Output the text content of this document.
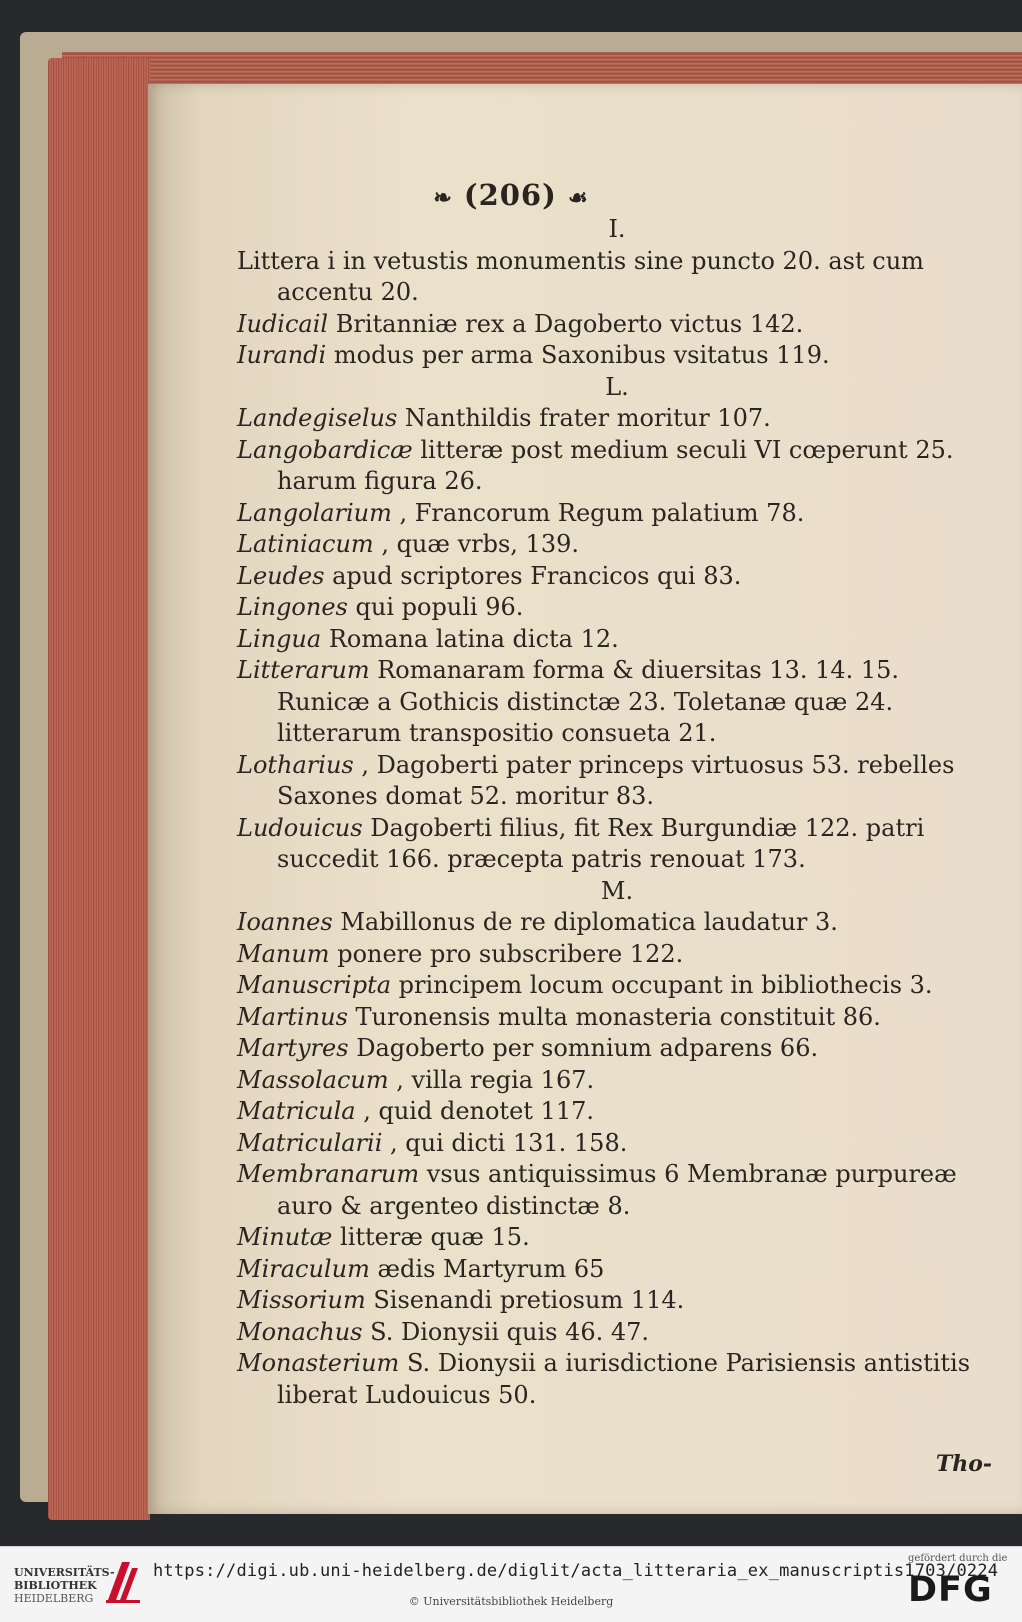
❧ (206) ☙
I.
Littera i in vetustis monumentis sine puncto 20. ast cum accentu 20.
Iudicail Britanniæ rex a Dagoberto victus 142.
Iurandi modus per arma Saxonibus vsitatus 119.
L.
Landegiselus Nanthildis frater moritur 107.
Langobardicæ litteræ post medium seculi VI cœperunt 25. harum figura 26.
Langolarium , Francorum Regum palatium 78.
Latiniacum , quæ vrbs, 139.
Leudes apud scriptores Francicos qui 83.
Lingones qui populi 96.
Lingua Romana latina dicta 12.
Litterarum Romanaram forma & diuersitas 13. 14. 15. Runicæ a Gothicis distinctæ 23. Toletanæ quæ 24. litterarum transpositio consueta 21.
Lotharius , Dagoberti pater princeps virtuosus 53. rebelles Saxones domat 52. moritur 83.
Ludouicus Dagoberti filius, fit Rex Burgundiæ 122. patri succedit 166. præcepta patris renouat 173.
M.
Ioannes Mabillonus de re diplomatica laudatur 3.
Manum ponere pro subscribere 122.
Manuscripta principem locum occupant in bibliothecis 3.
Martinus Turonensis multa monasteria constituit 86.
Martyres Dagoberto per somnium adparens 66.
Massolacum , villa regia 167.
Matricula , quid denotet 117.
Matricularii , qui dicti 131. 158.
Membranarum vsus antiquissimus 6 Membranæ purpureæ auro & argenteo distinctæ 8.
Minutæ litteræ quæ 15.
Miraculum ædis Martyrum 65
Missorium Sisenandi pretiosum 114.
Monachus S. Dionysii quis 46. 47.
Monasterium S. Dionysii a iurisdictione Parisiensis antistitis liberat Ludouicus 50.
Tho-
UNIVERSITÄTS-
BIBLIOTHEK
HEIDELBERG
https://digi.ub.uni-heidelberg.de/diglit/acta_litteraria_ex_manuscriptis1703/0224
© Universitätsbibliothek Heidelberg
gefördert durch die
DFG
